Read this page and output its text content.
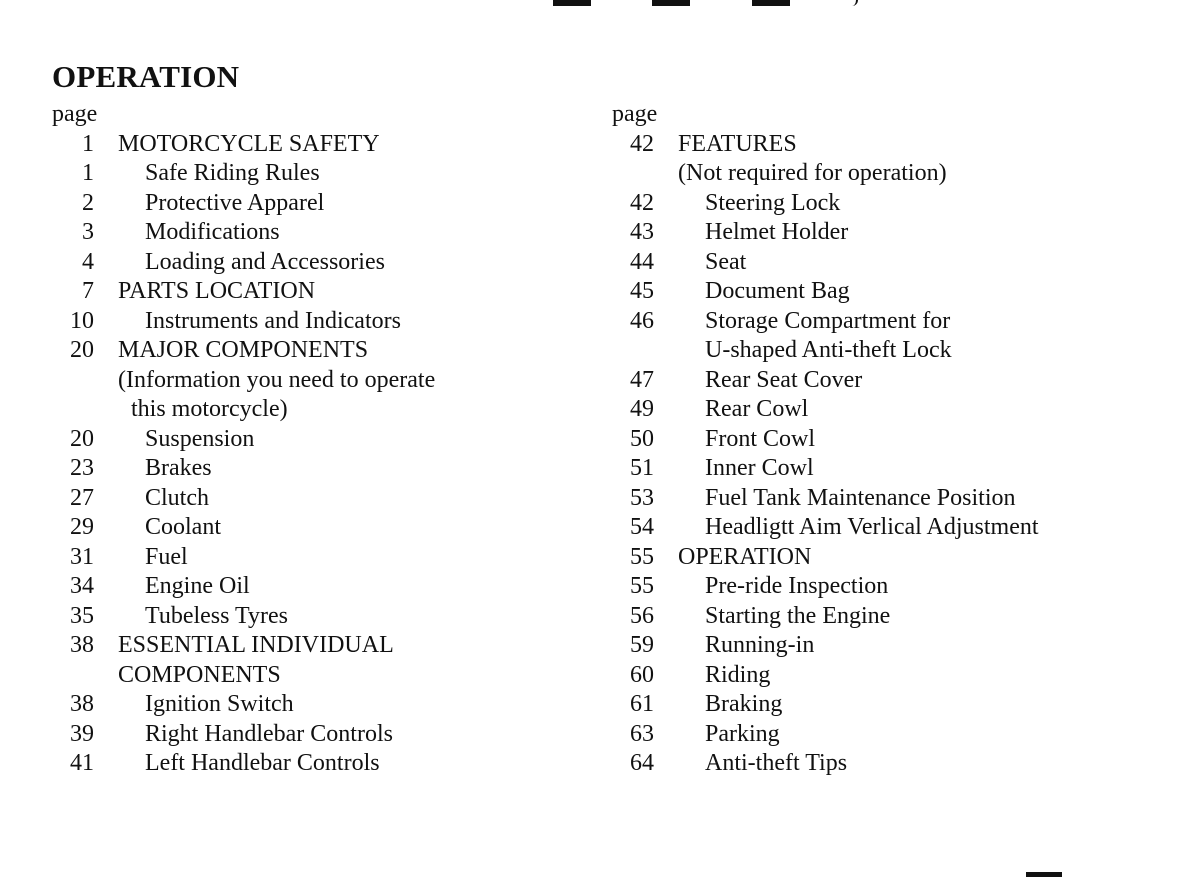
OPERATION
page
1	MOTORCYCLE SAFETY
1	Safe Riding Rules
2	Protective Apparel
3	Modifications
4	Loading and Accessories
7	PARTS LOCATION
10	Instruments and Indicators
20	MAJOR COMPONENTS
(Information you need to operate
this motorcycle)
20	Suspension
23	Brakes
27	Clutch
29	Coolant
31	Fuel
34	Engine Oil
35	Tubeless Tyres
38	ESSENTIAL INDIVIDUAL
COMPONENTS
38	Ignition Switch
39	Right Handlebar Controls
41	Left Handlebar Controls
page
42	FEATURES
(Not required for operation)
42	Steering Lock
43	Helmet Holder
44	Seat
45	Document Bag
46	Storage Compartment for
U-shaped Anti-theft Lock
47	Rear Seat Cover
49	Rear Cowl
50	Front Cowl
51	Inner Cowl
53	Fuel Tank Maintenance Position
54	Headligtt Aim Verlical Adjustment
55	OPERATION
55	Pre-ride Inspection
56	Starting the Engine
59	Running-in
60	Riding
61	Braking
63	Parking
64	Anti-theft Tips
